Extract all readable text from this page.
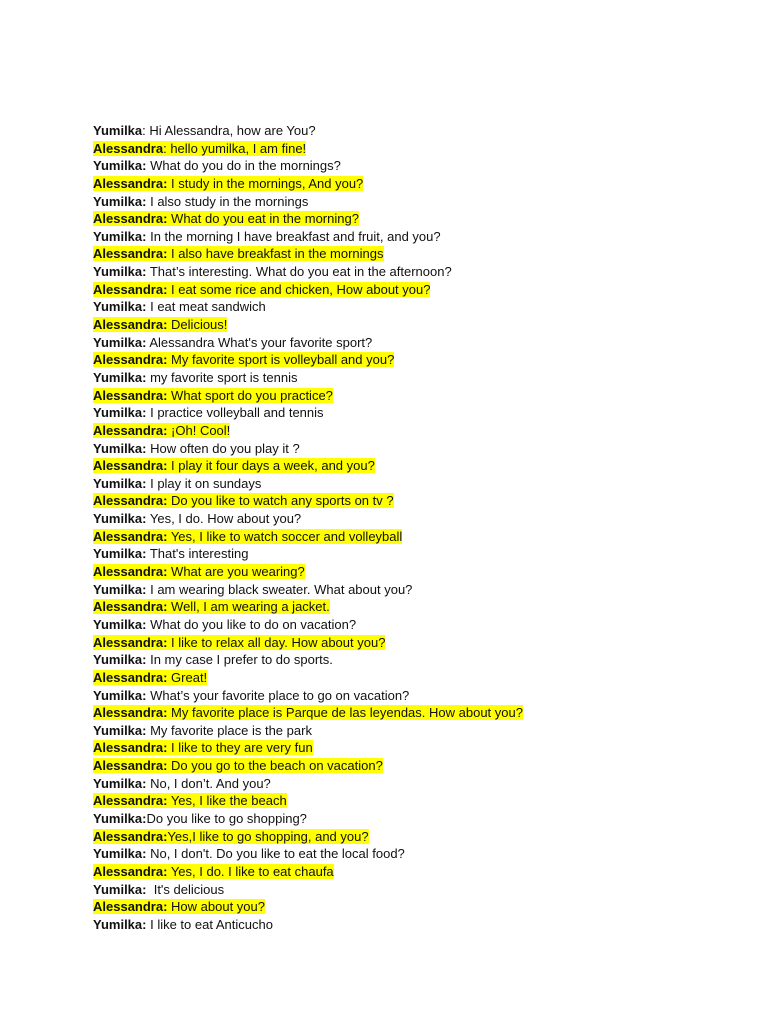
Yumilka: Hi Alessandra, how are You?
Alessandra: hello yumilka, I am fine!
Yumilka: What do you do in the mornings?
Alessandra: I study in the mornings, And you?
Yumilka: I also study in the mornings
Alessandra: What do you eat in the morning?
Yumilka: In the morning I have breakfast and fruit, and you?
Alessandra: I also have breakfast in the mornings
Yumilka: That’s interesting. What do you eat in the afternoon?
Alessandra: I eat some rice and chicken, How about you?
Yumilka: I eat meat sandwich
Alessandra: Delicious!
Yumilka: Alessandra What's your favorite sport?
Alessandra: My favorite sport is volleyball and you?
Yumilka: my favorite sport is tennis
Alessandra: What sport do you practice?
Yumilka: I practice volleyball and tennis
Alessandra: ¡Oh! Cool!
Yumilka: How often do you play it ?
Alessandra: I play it four days a week, and you?
Yumilka: I play it on sundays
Alessandra: Do you like to watch any sports on tv ?
Yumilka: Yes, I do. How about you?
Alessandra: Yes, I like to watch soccer and volleyball
Yumilka: That's interesting
Alessandra: What are you wearing?
Yumilka: I am wearing black sweater. What about you?
Alessandra: Well, I am wearing a jacket.
Yumilka: What do you like to do on vacation?
Alessandra: I like to relax all day. How about you?
Yumilka: In my case I prefer to do sports.
Alessandra: Great!
Yumilka: What’s your favorite place to go on vacation?
Alessandra: My favorite place is Parque de las leyendas. How about you?
Yumilka: My favorite place is the park
Alessandra: I like to they are very fun
Alessandra: Do you go to the beach on vacation?
Yumilka: No, I don’t. And you?
Alessandra: Yes, I like the beach
Yumilka:Do you like to go shopping?
Alessandra:Yes,I like to go shopping, and you?
Yumilka: No, I don't. Do you like to eat the local food?
Alessandra: Yes, I do. I like to eat chaufa
Yumilka: It's delicious
Alessandra: How about you?
Yumilka: I like to eat Anticucho
